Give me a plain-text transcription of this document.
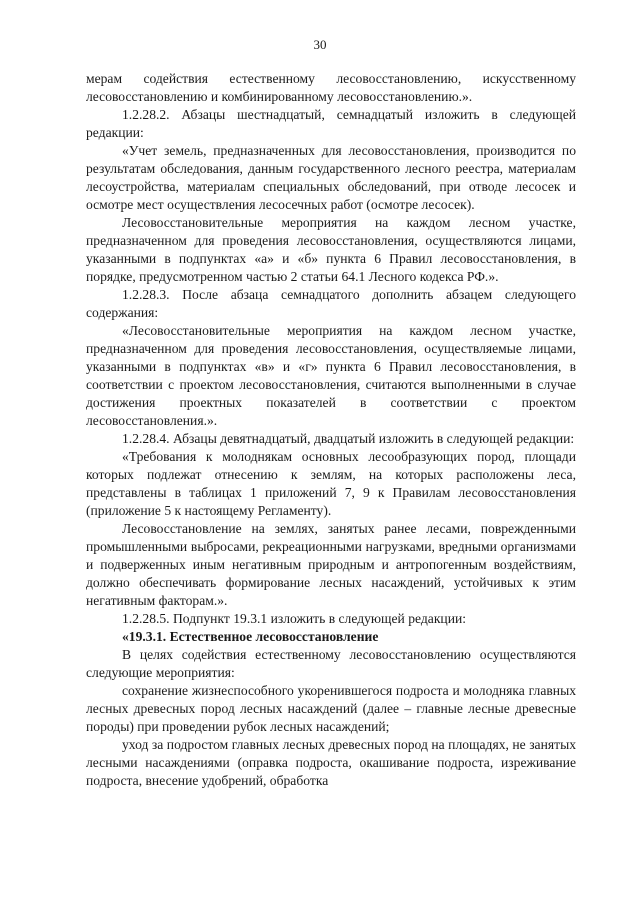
30

мерам содействия естественному лесовосстановлению, искусственному лесовосстановлению и комбинированному лесовосстановлению.».

1.2.28.2. Абзацы шестнадцатый, семнадцатый изложить в следующей редакции:

«Учет земель, предназначенных для лесовосстановления, производится по результатам обследования, данным государственного лесного реестра, материалам лесоустройства, материалам специальных обследований, при отводе лесосек и осмотре мест осуществления лесосечных работ (осмотре лесосек).

Лесовосстановительные мероприятия на каждом лесном участке, предназначенном для проведения лесовосстановления, осуществляются лицами, указанными в подпунктах «а» и «б» пункта 6 Правил лесовосстановления, в порядке, предусмотренном частью 2 статьи 64.1 Лесного кодекса РФ.».

1.2.28.3. После абзаца семнадцатого дополнить абзацем следующего содержания:

«Лесовосстановительные мероприятия на каждом лесном участке, предназначенном для проведения лесовосстановления, осуществляемые лицами, указанными в подпунктах «в» и «г» пункта 6 Правил лесовосстановления, в соответствии с проектом лесовосстановления, считаются выполненными в случае достижения проектных показателей в соответствии с проектом лесовосстановления.».

1.2.28.4. Абзацы девятнадцатый, двадцатый изложить в следующей редакции:

«Требования к молоднякам основных лесообразующих пород, площади которых подлежат отнесению к землям, на которых расположены леса, представлены в таблицах 1 приложений 7, 9 к Правилам лесовосстановления (приложение 5 к настоящему Регламенту).

Лесовосстановление на землях, занятых ранее лесами, поврежденными промышленными выбросами, рекреационными нагрузками, вредными организмами и подверженных иным негативным природным и антропогенным воздействиям, должно обеспечивать формирование лесных насаждений, устойчивых к этим негативным факторам.».

1.2.28.5. Подпункт 19.3.1 изложить в следующей редакции:

«19.3.1. Естественное лесовосстановление

В целях содействия естественному лесовосстановлению осуществляются следующие мероприятия:

сохранение жизнеспособного укоренившегося подроста и молодняка главных лесных древесных пород лесных насаждений (далее – главные лесные древесные породы) при проведении рубок лесных насаждений;

уход за подростом главных лесных древесных пород на площадях, не занятых лесными насаждениями (оправка подроста, окашивание подроста, изреживание подроста, внесение удобрений, обработка
